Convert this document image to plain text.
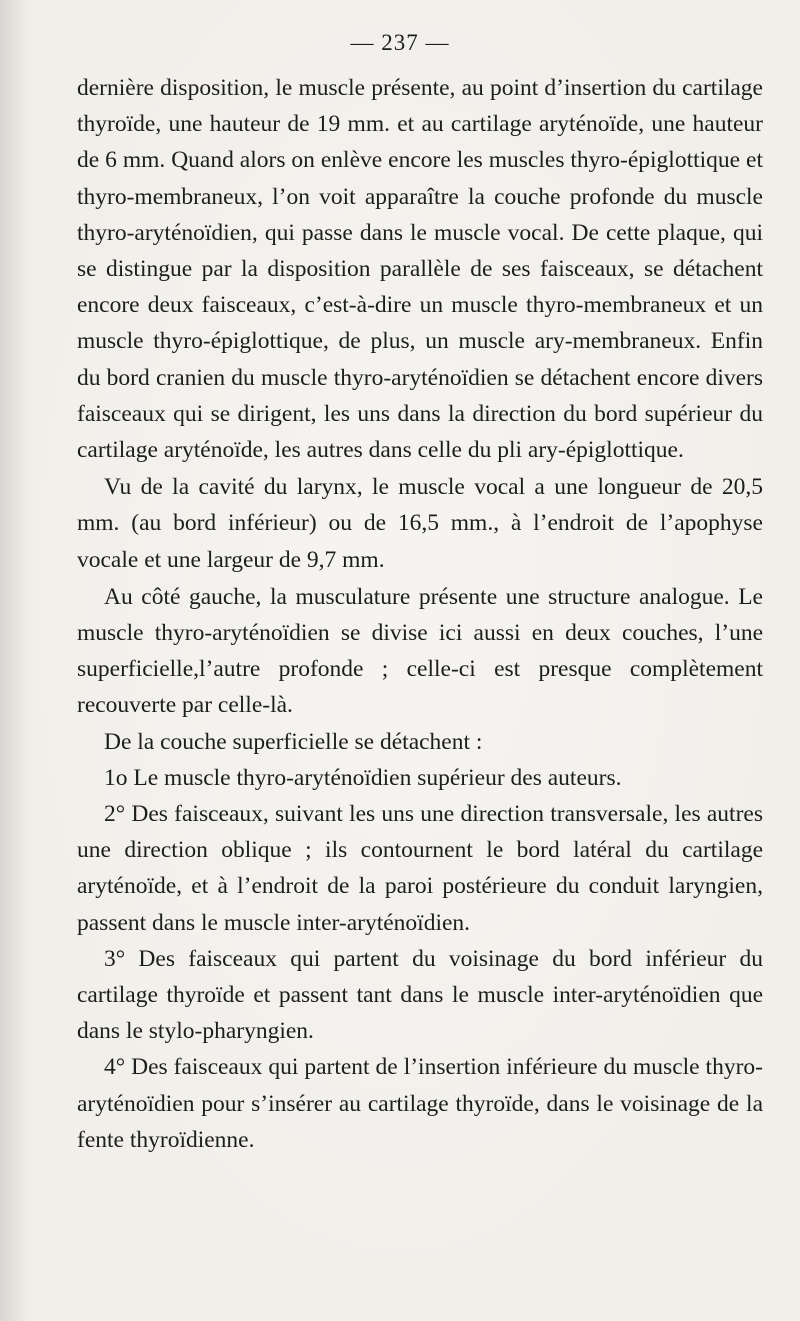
— 237 —

dernière disposition, le muscle présente, au point d’insertion du cartilage thyroïde, une hauteur de 19 mm. et au cartilage aryténoïde, une hauteur de 6 mm. Quand alors on enlève encore les muscles thyro-épiglottique et thyro-membraneux, l’on voit apparaître la couche profonde du muscle thyro-aryténoïdien, qui passe dans le muscle vocal. De cette plaque, qui se distingue par la disposition parallèle de ses faisceaux, se détachent encore deux faisceaux, c’est-à-dire un muscle thyro-membraneux et un muscle thyro-épiglottique, de plus, un muscle ary-membraneux. Enfin du bord cranien du muscle thyro-aryténoïdien se détachent encore divers faisceaux qui se dirigent, les uns dans la direction du bord supérieur du cartilage aryténoïde, les autres dans celle du pli ary-épiglottique.

Vu de la cavité du larynx, le muscle vocal a une longueur de 20,5 mm. (au bord inférieur) ou de 16,5 mm., à l’endroit de l’apophyse vocale et une largeur de 9,7 mm.

Au côté gauche, la musculature présente une structure analogue. Le muscle thyro-aryténoïdien se divise ici aussi en deux couches, l’une superficielle,l’autre profonde ; celle-ci est presque complètement recouverte par celle-là.

De la couche superficielle se détachent :

1o Le muscle thyro-aryténoïdien supérieur des auteurs.

2° Des faisceaux, suivant les uns une direction transversale, les autres une direction oblique ; ils contournent le bord latéral du cartilage aryténoïde, et à l’endroit de la paroi postérieure du conduit laryngien, passent dans le muscle inter-aryténoïdien.

3° Des faisceaux qui partent du voisinage du bord inférieur du cartilage thyroïde et passent tant dans le muscle inter-aryténoïdien que dans le stylo-pharyngien.

4° Des faisceaux qui partent de l’insertion inférieure du muscle thyro-aryténoïdien pour s’insérer au cartilage thyroïde, dans le voisinage de la fente thyroïdienne.
